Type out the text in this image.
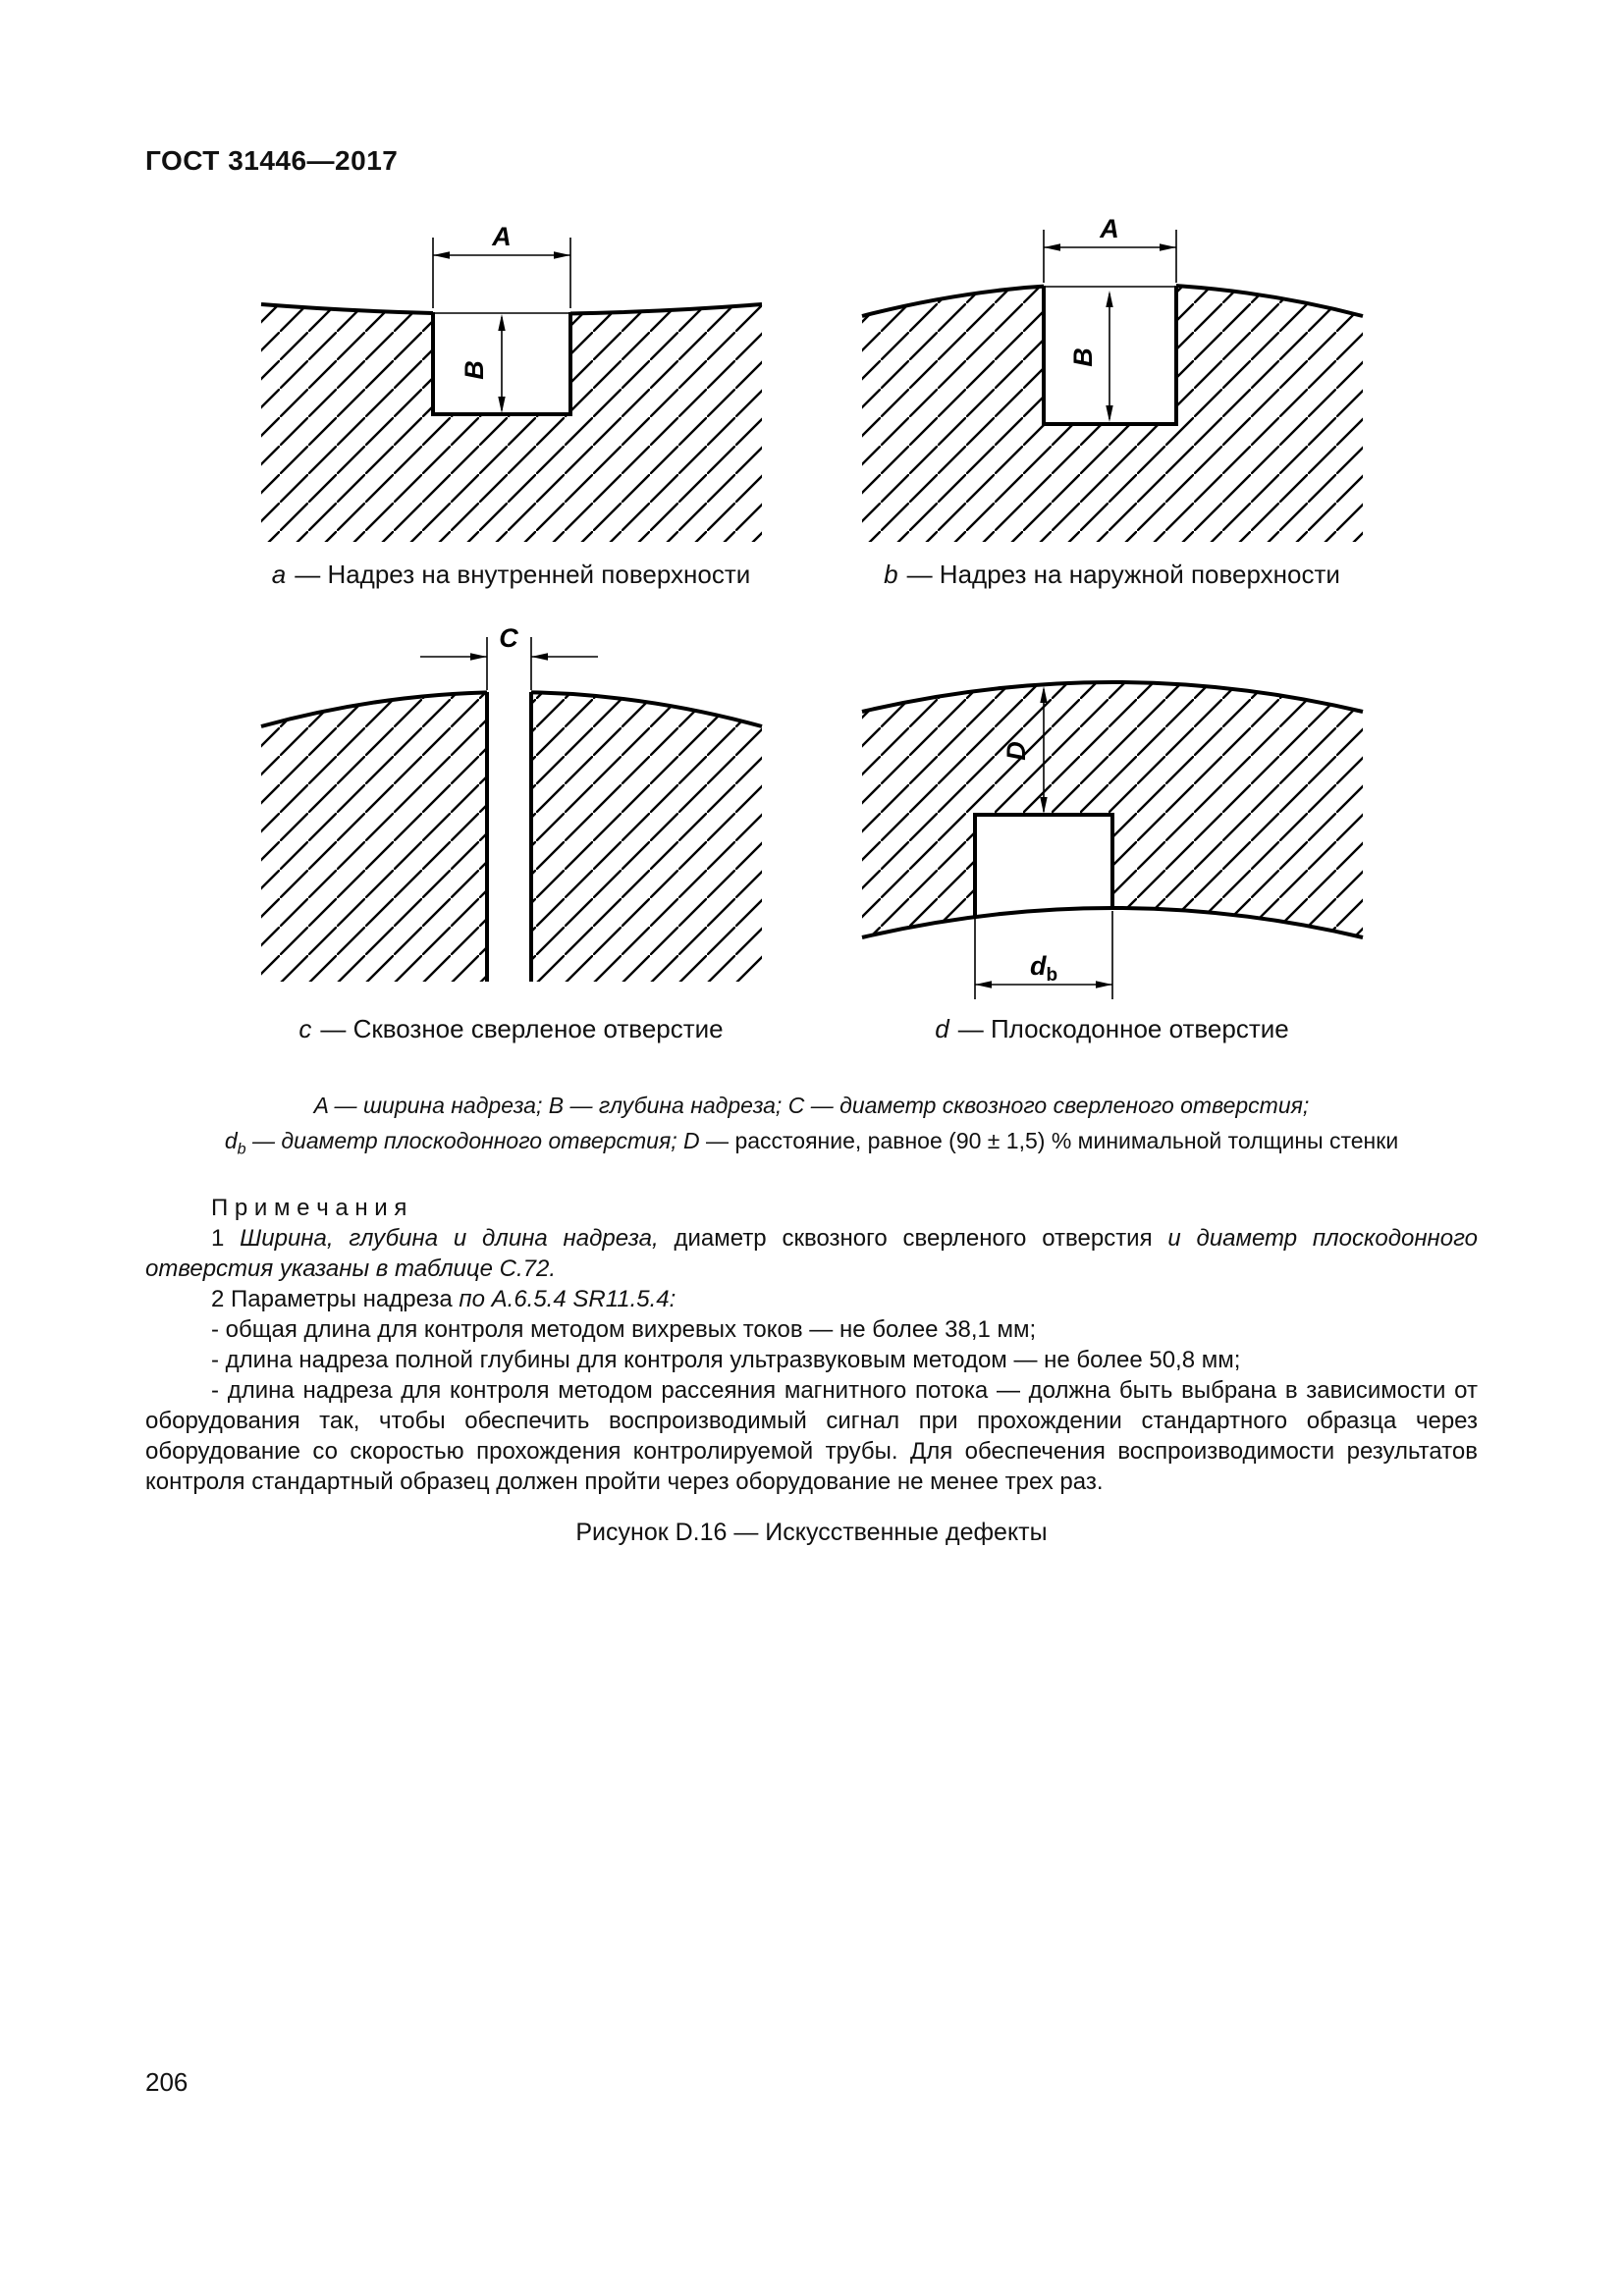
ГОСТ 31446—2017
A
B
a — Надрез на внутренней поверхности
A
B
b — Надрез на наружной поверхности
C
c — Сквозное сверленое отверстие
D
$d_b$
d — Плоскодонное отверстие
A — ширина надреза; B — глубина надреза; C — диаметр сквозного сверленого отверстия;
$d_b$ — диаметр плоскодонного отверстия; D — расстояние, равное (90 ± 1,5) % минимальной толщины стенки

П р и м е ч а н и я

1 Ширина, глубина и длина надреза, диаметр сквозного сверленого отверстия и диаметр плоскодонного отверстия указаны в таблице С.72.

2 Параметры надреза по А.6.5.4 SR11.5.4:

- общая длина для контроля методом вихревых токов — не более 38,1 мм;

- длина надреза полной глубины для контроля ультразвуковым методом — не более 50,8 мм;

- длина надреза для контроля методом рассеяния магнитного потока — должна быть выбрана в зависимости от оборудования так, чтобы обеспечить воспроизводимый сигнал при прохождении стандартного образца через оборудование со скоростью прохождения контролируемой трубы. Для обеспечения воспроизводимости результатов контроля стандартный образец должен пройти через оборудование не менее трех раз.

Рисунок D.16 — Искусственные дефекты
206
